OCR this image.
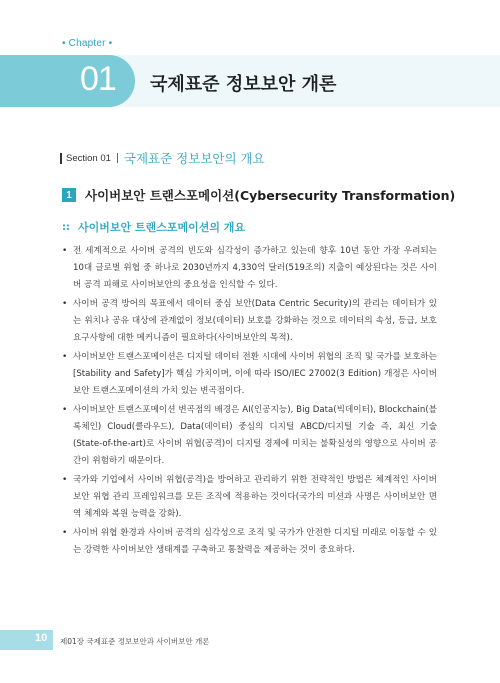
• Chapter •
01 국제표준 정보보안 개론
Section 01	국제표준 정보보안의 개요
1	사이버보안 트랜스포메이션(Cybersecurity Transformation)
:: 사이버보안 트랜스포메이션의 개요
• 전 세계적으로 사이버 공격의 빈도와 심각성이 증가하고 있는데 향후 10년 동안 가장 우려되는 10대 글로벌 위협 중 하나로 2030년까지 4,330억 달러(519조의) 지출이 예상된다는 것은 사이버 공격 피해로 사이버보안의 중요성을 인식할 수 있다.
• 사이버 공격 방어의 목표에서 데이터 중심 보안(Data Centric Security)의 관리는 데이터가 있는 위치나 공유 대상에 관계없이 정보(데이터) 보호를 강화하는 것으로 데이터의 속성, 등급, 보호 요구사항에 대한 메커니즘이 필요하다(사이버보안의 목적).
• 사이버보안 트랜스포메이션은 디지털 데이터 전환 시대에 사이버 위협의 조직 및 국가를 보호하는 [Stability and Safety]가 핵심 가치이며, 이에 따라 ISO/IEC 27002(3 Edition) 개정은 사이버보안 트랜스포메이션의 가치 있는 변곡점이다.
• 사이버보안 트랜스포메이션 변곡점의 배경은 AI(인공지능), Big Data(빅데이터), Blockchain(블록체인) Cloud(클라우드), Data(데이터) 중심의 디지털 ABCD/디지털 기술 즉, 최신 기술(State-of-the-art)로 사이버 위협(공격)이 디지털 경제에 미치는 불확실성의 영향으로 사이버 공간이 위험하기 때문이다.
• 국가와 기업에서 사이버 위협(공격)을 방어하고 관리하기 위한 전략적인 방법은 체계적인 사이버보안 위협 관리 프레임워크를 모든 조직에 적용하는 것이다(국가의 미션과 사명은 사이버보안 면역 체계와 복원 능력을 강화).
• 사이버 위협 환경과 사이버 공격의 심각성으로 조직 및 국가가 안전한 디지털 미래로 이동할 수 있는 강력한 사이버보안 생태계를 구축하고 통찰력을 제공하는 것이 중요하다.
10 제01장 국제표준 정보보안과 사이버보안 개론
